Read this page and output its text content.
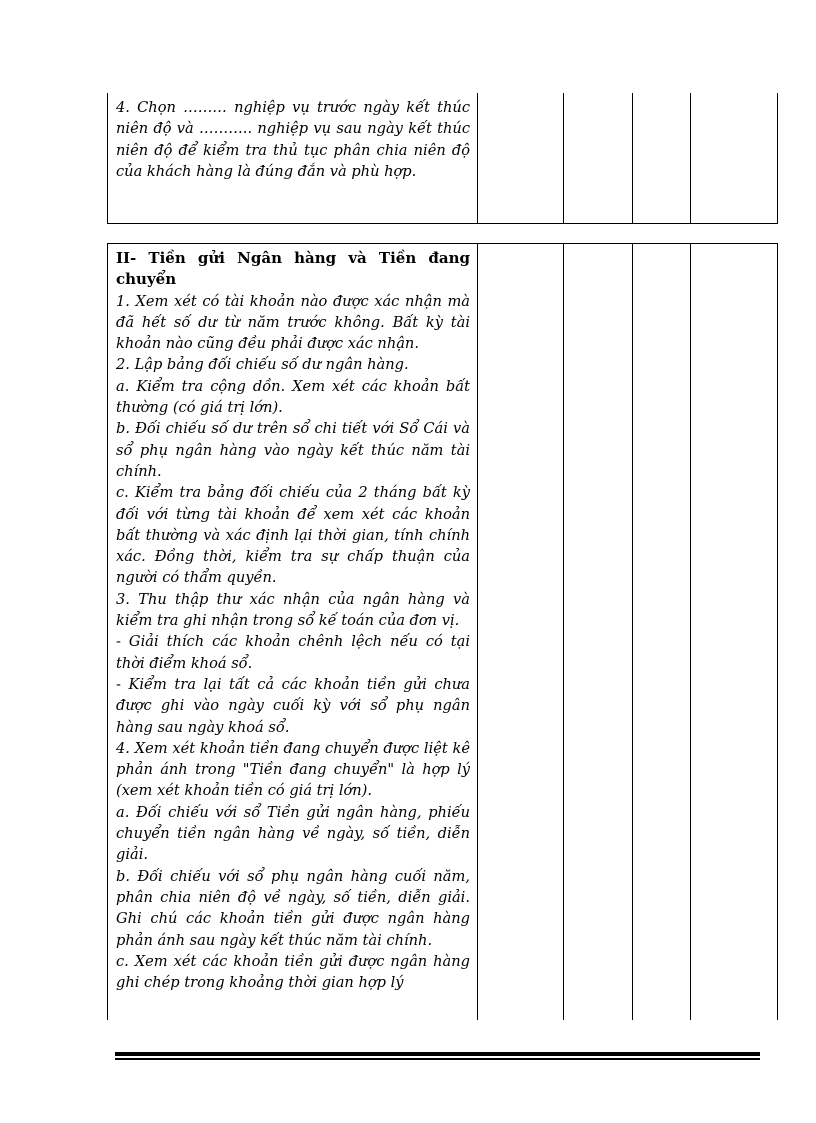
4. Chọn ……… nghiệp vụ trước ngày kết thúc niên độ và ……….. nghiệp vụ sau ngày kết thúc niên độ để kiểm tra thủ tục phân chia niên độ của khách hàng là đúng đắn và phù hợp.

II- Tiền gửi Ngân hàng và Tiền đang chuyển

1. Xem xét có tài khoản nào được xác nhận mà đã hết số dư từ năm trước không. Bất kỳ tài khoản nào cũng đều phải được xác nhận.

2. Lập bảng đối chiếu số dư ngân hàng.

a. Kiểm tra cộng dồn. Xem xét các khoản bất thường (có giá trị lớn).

b. Đối chiếu số dư trên sổ chi tiết với Sổ Cái và sổ phụ ngân hàng vào ngày kết thúc năm tài chính.

c. Kiểm tra bảng đối chiếu của 2 tháng bất kỳ đối với từng tài khoản để xem xét các khoản bất thường và xác định lại thời gian, tính chính xác. Đồng thời, kiểm tra sự chấp thuận của người có thẩm quyền.

3. Thu thập thư xác nhận của ngân hàng và kiểm tra ghi nhận trong sổ kế toán của đơn vị.

- Giải thích các khoản chênh lệch nếu có tại thời điểm khoá sổ.

- Kiểm tra lại tất cả các khoản tiền gửi chưa được ghi vào ngày cuối kỳ với sổ phụ ngân hàng sau ngày khoá sổ.

4. Xem xét khoản tiền đang chuyển được liệt kê phản ánh trong "Tiền đang chuyển" là hợp lý (xem xét khoản tiền có giá trị lớn).

a. Đối chiếu với sổ Tiền gửi ngân hàng, phiếu chuyển tiền ngân hàng về ngày, số tiền, diễn giải.

b. Đối chiếu với sổ phụ ngân hàng cuối năm, phân chia niên độ về ngày, số tiền, diễn giải. Ghi chú các khoản tiền gửi được ngân hàng phản ánh sau ngày kết thúc năm tài chính.

c. Xem xét các khoản tiền gửi được ngân hàng ghi chép trong khoảng thời gian hợp lý
